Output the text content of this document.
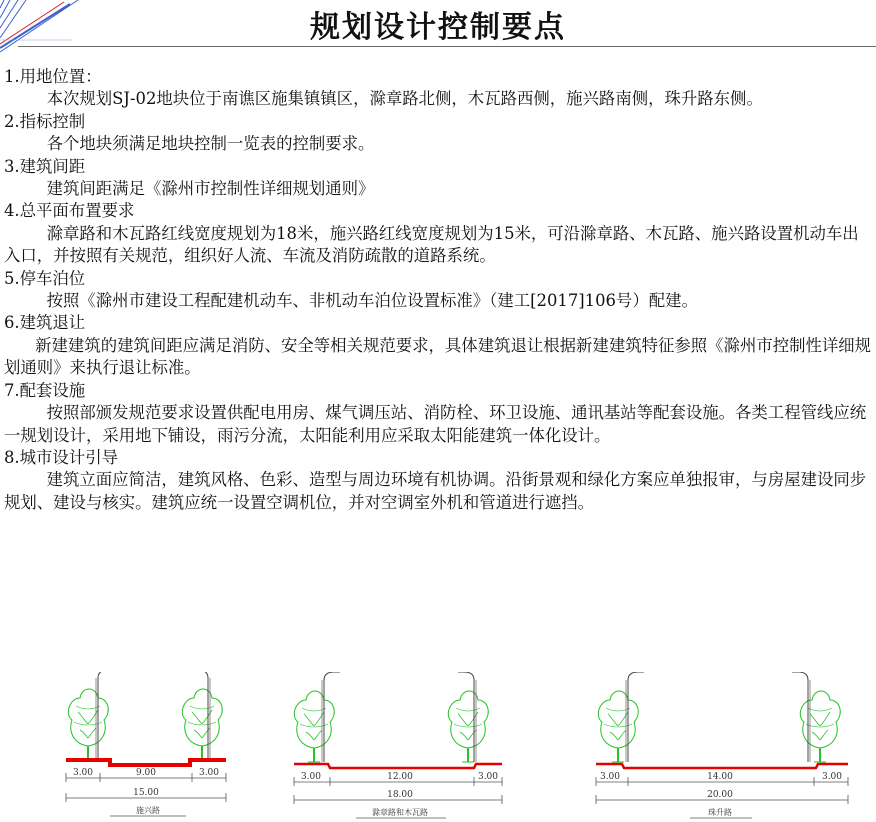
规划设计控制要点

1.用地位置：

本次规划SJ-02地块位于南谯区施集镇镇区，滁章路北侧，木瓦路西侧，施兴路南侧，珠升路东侧。

2.指标控制

各个地块须满足地块控制一览表的控制要求。

3.建筑间距

建筑间距满足《滁州市控制性详细规划通则》

4.总平面布置要求

滁章路和木瓦路红线宽度规划为18米，施兴路红线宽度规划为15米，可沿滁章路、木瓦路、施兴路设置机动车出入口，并按照有关规范，组织好人流、车流及消防疏散的道路系统。

5.停车泊位

按照《滁州市建设工程配建机动车、非机动车泊位设置标准》（建工[2017]106号）配建。

6.建筑退让

新建建筑的建筑间距应满足消防、安全等相关规范要求，具体建筑退让根据新建建筑特征参照《滁州市控制性详细规划通则》来执行退让标准。

7.配套设施

按照部颁发规范要求设置供配电用房、煤气调压站、消防栓、环卫设施、通讯基站等配套设施。各类工程管线应统一规划设计，采用地下铺设，雨污分流，太阳能利用应采取太阳能建筑一体化设计。

8.城市设计引导

建筑立面应简洁，建筑风格、色彩、造型与周边环境有机协调。沿街景观和绿化方案应单独报审，与房屋建设同步规划、建设与核实。建筑应统一设置空调机位，并对空调室外机和管道进行遮挡。

3.00	9.00	3.00
15.00
施兴路
3.00	12.00	3.00
18.00
滁章路和木瓦路
3.00	14.00	3.00
20.00
珠升路
